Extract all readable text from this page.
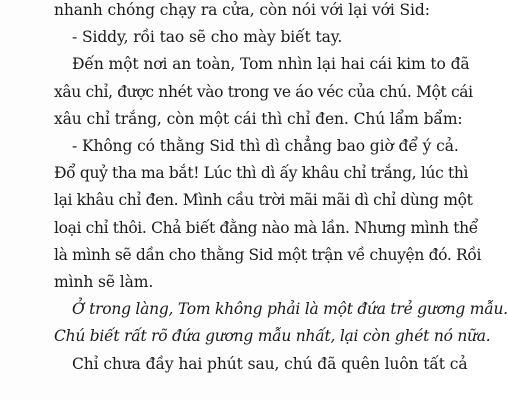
nhanh chóng chạy ra cửa, còn nói với lại với Sid:
- Siddy, rồi tao sẽ cho mày biết tay.
Đến một nơi an toàn, Tom nhìn lại hai cái kim to đã
xâu chỉ, được nhét vào trong ve áo véc của chú. Một cái
xâu chỉ trắng, còn một cái thì chỉ đen. Chú lẩm bẩm:
- Không có thằng Sid thì dì chẳng bao giờ để ý cả.
Đổ quỷ tha ma bắt! Lúc thì dì ấy khâu chỉ trắng, lúc thì
lại khâu chỉ đen. Mình cầu trời mãi mãi dì chỉ dùng một
loại chỉ thôi. Chả biết đằng nào mà lần. Nhưng mình thể
là mình sẽ dần cho thằng Sid một trận về chuyện đó. Rồi
mình sẽ làm.
Ở trong làng, Tom không phải là một đứa trẻ gương mẫu.
Chú biết rất rõ đứa gương mẫu nhất, lại còn ghét nó nữa.
Chỉ chưa đầy hai phút sau, chú đã quên luôn tất cả
